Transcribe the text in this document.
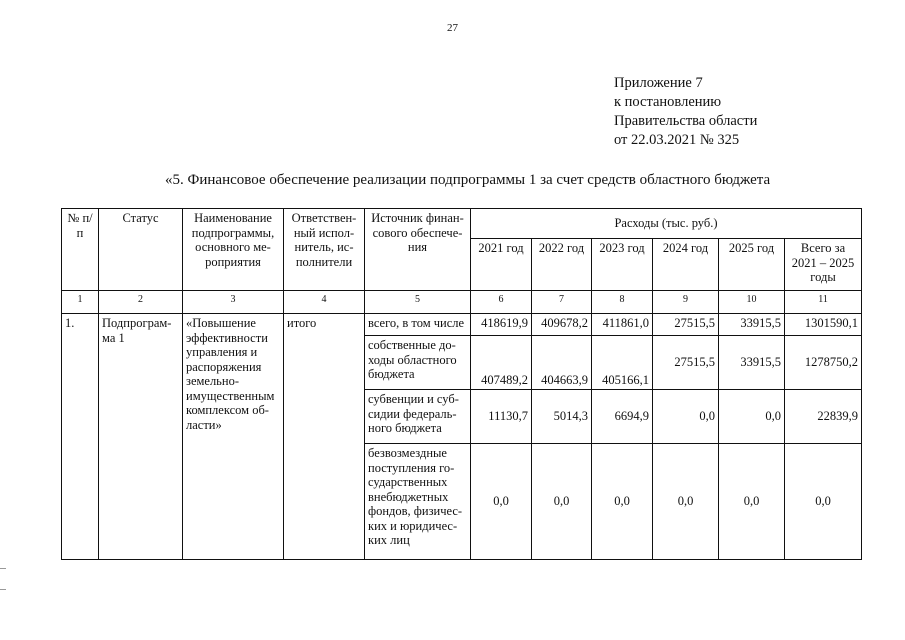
27
Приложение 7
к постановлению
Правительства области
от 22.03.2021 № 325
«5. Финансовое обеспечение реализации подпрограммы 1 за счет средств областного бюджета
№ п/п	Статус	Наименование подпрограммы, основного ме-роприятия	Ответствен-ный испол-нитель, ис-полнители	Источник финан-сового обеспече-ния	Расходы (тыс. руб.)					
					2021 год	2022 год	2023 год	2024 год	2025 год	Всего за 2021 – 2025 годы
1	2	3	4	5	6	7	8	9	10	11
1.	Подпрограм-ма 1	«Повышение эффективности управления и распоряжения земельно-имущественным комплексом об-ласти»	итого	всего, в том числе	418619,9	409678,2	411861,0	27515,5	33915,5	1301590,1
				собственные до-ходы областного бюджета	407489,2	404663,9	405166,1	27515,5	33915,5	1278750,2
				субвенции и суб-сидии федераль-ного бюджета	11130,7	5014,3	6694,9	0,0	0,0	22839,9
				безвозмездные поступления го-сударственных внебюджетных фондов, физичес-ких и юридичес-ких лиц	0,0	0,0	0,0	0,0	0,0	0,0
